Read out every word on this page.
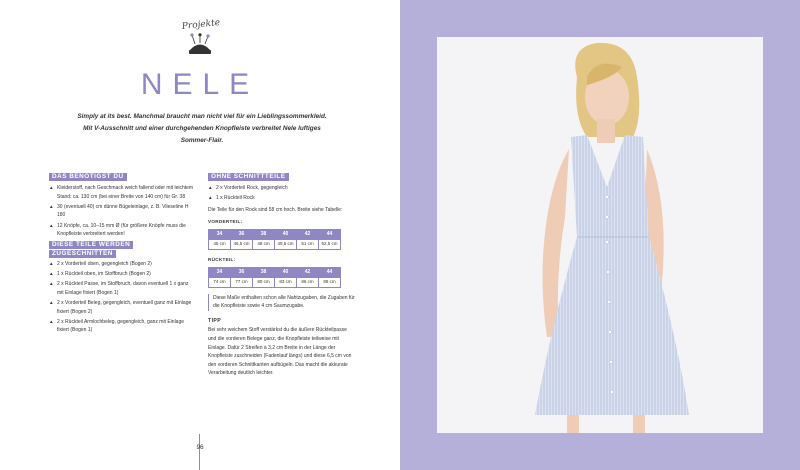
Projekte
NELE
Simply at its best. Manchmal braucht man nicht viel für ein Lieblingssommerkleid. Mit V-Ausschnitt und einer durchgehenden Knopfleiste verbreitet Nele luftiges Sommer-Flair.
DAS BENÖTIGST DU
▲ Kleiderstoff, nach Geschmack weich fallend oder mit leichtem Stand: ca. 130 cm (bei einer Breite von 140 cm) für Gr. 38
▲ 30 (eventuell 40) cm dünne Bügeleinlage, z. B. Vlieseline H 180
▲ 12 Knöpfe, ca. 10–15 mm Ø (für größere Knöpfe muss die Knopfleiste verbreitert werden!
DIESE TEILE WERDEN
ZUGESCHNITTEN
▲ 2 x Vorderteil oben, gegengleich (Bogen 2)
▲ 1 x Rückteil oben, im Stoffbruch (Bogen 2)
▲ 2 x Rückteil Passe, im Stoffbruch, davon eventuell 1 x ganz mit Einlage fixiert (Bogen 1)
▲ 2 x Vorderteil Beleg, gegengleich, eventuell ganz mit Einlage fixiert (Bogen 2)
▲ 2 x Rückteil Armlochbeleg, gegengleich, ganz mit Einlage fixiert (Bogen 1)
OHNE SCHNITTTEILE
▲ 2 x Vorderteil Rock, gegengleich
▲ 1 x Rückteil Rock
Die Teile für den Rock sind 58 cm hoch. Breite siehe Tabelle:
VORDERTEIL:
34	36	38	40	42	44
45 cm	46,5 cm	48 cm	49,5 cm	51 cm	52,5 cm
RÜCKTEIL:
34	36	38	40	42	44
74 cm	77 cm	80 cm	83 cm	86 cm	89 cm
Diese Maße enthalten schon alle Nahtzugaben, die Zugaben für die Knopfleiste sowie 4 cm Saumzugabe.
TIPP
Bei sehr weichem Stoff verstärkst du die äußere Rückteilpasse und die vorderen Belege ganz, die Knopfleiste teilweise mit Einlage. Dafür 2 Streifen à 3,2 cm Breite in der Länge der Knopfleiste zuschneiden (Fadenlauf längs) und diese 6,5 cm von den vorderen Schnittkanten aufbügeln. Das macht die akkurate Verarbeitung deutlich leichter.
96
